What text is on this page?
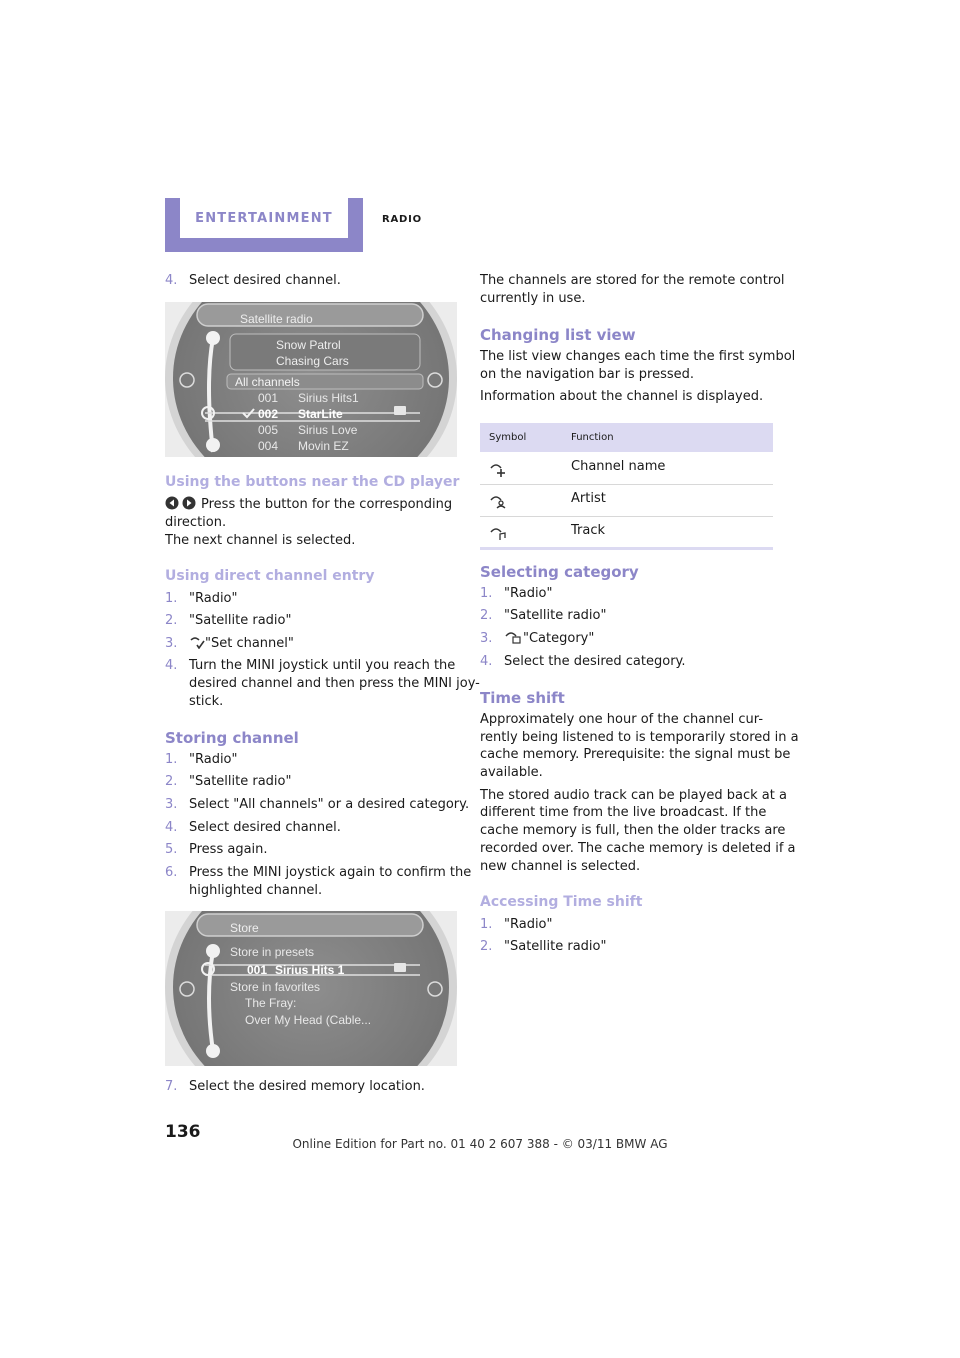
ENTERTAINMENT	RADIO
4. Select desired channel.
Satellite radio
Snow Patrol
Chasing Cars
All channels
001 Sirius Hits1
002 StarLite
005 Sirius Love
004 Movin EZ
Using the buttons near the CD player
Press the button for the corresponding
direction.
The next channel is selected.
Using direct channel entry
1. "Radio"
2. "Satellite radio"
3.	"Set channel"
4. Turn the MINI joystick until you reach the
desired channel and then press the MINI joy-
stick.
Storing channel
1. "Radio"
2. "Satellite radio"
3. Select "All channels" or a desired category.
4. Select desired channel.
5. Press again.
6. Press the MINI joystick again to confirm the
highlighted channel.
Store
Store in presets
001 Sirius Hits 1
Store in favorites
The Fray:
Over My Head (Cable...
7. Select the desired memory location.
The channels are stored for the remote control
currently in use.
Changing list view
The list view changes each time the first symbol
on the navigation bar is pressed.
Information about the channel is displayed.
Symbol	Function
Channel name
Artist
Track
Selecting category
1. "Radio"
2. "Satellite radio"
3.	"Category"
4. Select the desired category.
Time shift
Approximately one hour of the channel cur-
rently being listened to is temporarily stored in a
cache memory. Prerequisite: the signal must be
available.
The stored audio track can be played back at a
different time from the live broadcast. If the
cache memory is full, then the older tracks are
recorded over. The cache memory is deleted if a
new channel is selected.
Accessing Time shift
1. "Radio"
2. "Satellite radio"
136
Online Edition for Part no. 01 40 2 607 388 - © 03/11 BMW AG
